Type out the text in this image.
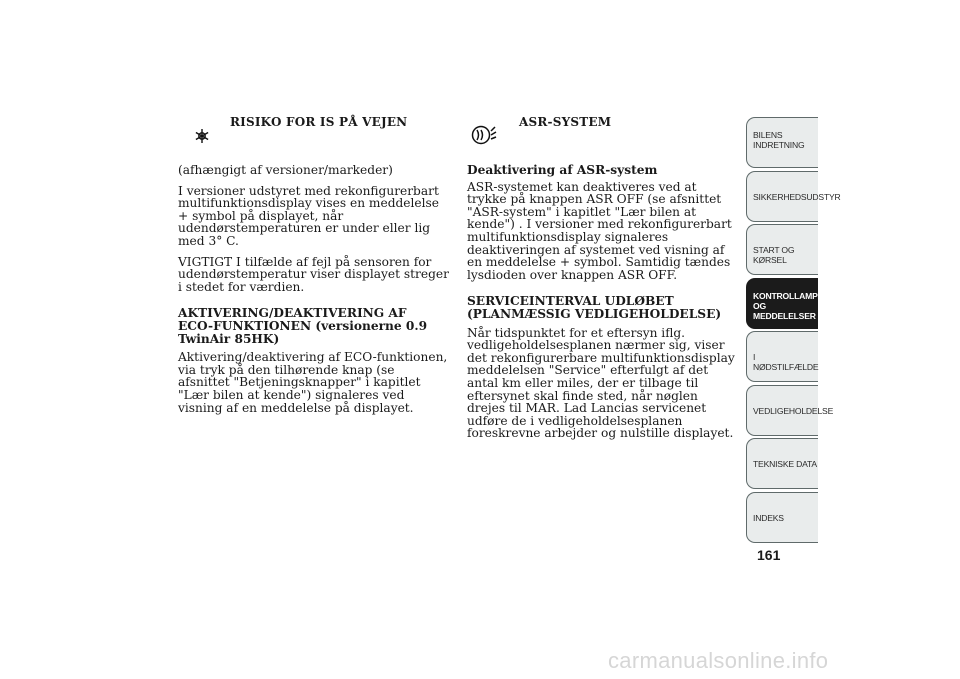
RISIKO FOR IS PÅ VEJEN

(afhængigt af versioner/markeder)

I versioner udstyret med rekonfigurerbart multifunktionsdisplay vises en meddelelse + symbol på displayet, når udendørstemperaturen er under eller lig med 3° C.

VIGTIGT I tilfælde af fejl på sensoren for udendørstemperatur viser displayet streger i stedet for værdien.

AKTIVERING/DEAKTIVERING AF
ECO-FUNKTIONEN (versionerne 0.9 TwinAir 85HK)

Aktivering/deaktivering af ECO-funktionen, via tryk på den tilhørende knap (se afsnittet "Betjeningsknapper" i kapitlet "Lær bilen at kende") signaleres ved visning af en meddelelse på displayet.

ASR-SYSTEM

Deaktivering af ASR-system

ASR-systemet kan deaktiveres ved at trykke på knappen ASR OFF (se afsnittet "ASR-system" i kapitlet "Lær bilen at kende") . I versioner med rekonfigurerbart multifunktionsdisplay signaleres deaktiveringen af systemet ved visning af en meddelelse + symbol. Samtidig tændes lysdioden over knappen ASR OFF.

SERVICEINTERVAL UDLØBET
(PLANMÆSSIG VEDLIGEHOLDELSE)

Når tidspunktet for et eftersyn iflg. vedligeholdelsesplanen nærmer sig, viser det rekonfigurerbare multifunktionsdisplay meddelelsen "Service" efterfulgt af det antal km eller miles, der er tilbage til eftersynet skal finde sted, når nøglen drejes til MAR. Lad Lancias servicenet udføre de i vedligeholdelsesplanen foreskrevne arbejder og nulstille displayet.

BILENS
INDRETNING
SIKKERHEDSUDSTYR
START OG KØRSEL
KONTROLLAMPER
OG MEDDELELSER
I NØDSTILFÆLDE
VEDLIGEHOLDELSE
TEKNISKE DATA
INDEKS
161
carmanualsonline.info
